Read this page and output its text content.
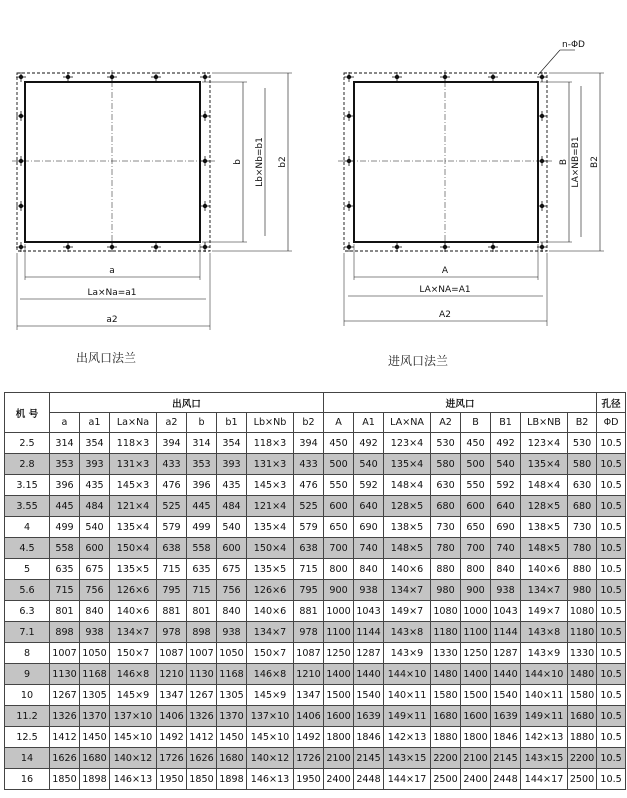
a
La×Na=a1
a2
b Lb×Nb=b1 b2
A
LA×NA=A1
A2
B LA×NB=B1 B2
n-ΦD
出风口法兰	进风口法兰
机 号	出风口								进风口								孔径
	a	a1	La×Na	a2	b	b1	Lb×Nb	b2	A	A1	LA×NA	A2	B	B1	LB×NB	B2	ΦD
2.5	314	354	118×3	394	314	354	118×3	394	450	492	123×4	530	450	492	123×4	530	10.5
2.8	353	393	131×3	433	353	393	131×3	433	500	540	135×4	580	500	540	135×4	580	10.5
3.15	396	435	145×3	476	396	435	145×3	476	550	592	148×4	630	550	592	148×4	630	10.5
3.55	445	484	121×4	525	445	484	121×4	525	600	640	128×5	680	600	640	128×5	680	10.5
4	499	540	135×4	579	499	540	135×4	579	650	690	138×5	730	650	690	138×5	730	10.5
4.5	558	600	150×4	638	558	600	150×4	638	700	740	148×5	780	700	740	148×5	780	10.5
5	635	675	135×5	715	635	675	135×5	715	800	840	140×6	880	800	840	140×6	880	10.5
5.6	715	756	126×6	795	715	756	126×6	795	900	938	134×7	980	900	938	134×7	980	10.5
6.3	801	840	140×6	881	801	840	140×6	881	1000	1043	149×7	1080	1000	1043	149×7	1080	10.5
7.1	898	938	134×7	978	898	938	134×7	978	1100	1144	143×8	1180	1100	1144	143×8	1180	10.5
8	1007	1050	150×7	1087	1007	1050	150×7	1087	1250	1287	143×9	1330	1250	1287	143×9	1330	10.5
9	1130	1168	146×8	1210	1130	1168	146×8	1210	1400	1440	144×10	1480	1400	1440	144×10	1480	10.5
10	1267	1305	145×9	1347	1267	1305	145×9	1347	1500	1540	140×11	1580	1500	1540	140×11	1580	10.5
11.2	1326	1370	137×10	1406	1326	1370	137×10	1406	1600	1639	149×11	1680	1600	1639	149×11	1680	10.5
12.5	1412	1450	145×10	1492	1412	1450	145×10	1492	1800	1846	142×13	1880	1800	1846	142×13	1880	10.5
14	1626	1680	140×12	1726	1626	1680	140×12	1726	2100	2145	143×15	2200	2100	2145	143×15	2200	10.5
16	1850	1898	146×13	1950	1850	1898	146×13	1950	2400	2448	144×17	2500	2400	2448	144×17	2500	10.5
